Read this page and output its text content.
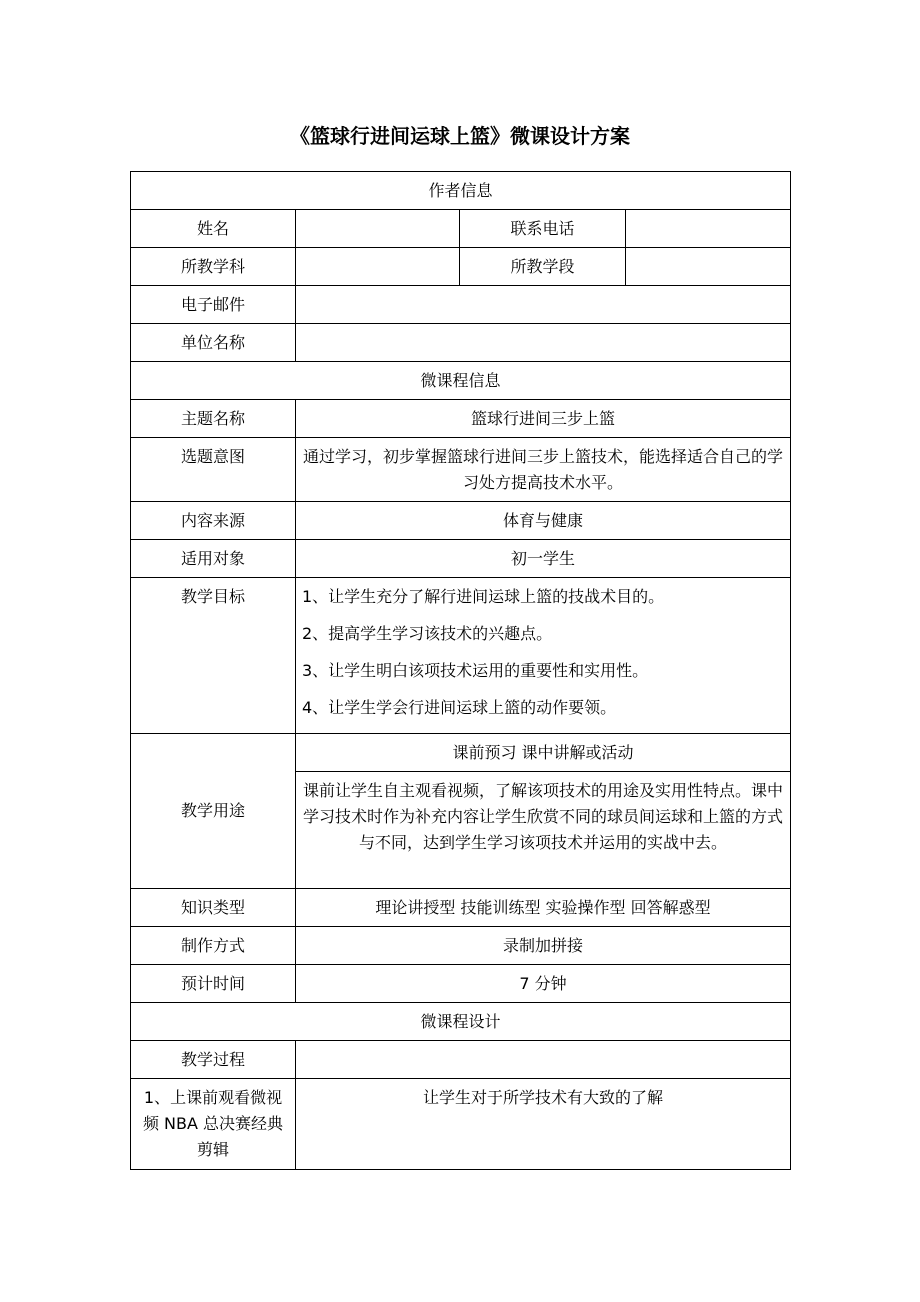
《篮球行进间运球上篮》微课设计方案
作者信息			
姓名		联系电话	
所教学科		所教学段	
电子邮件			
单位名称			
微课程信息			
主题名称	篮球行进间三步上篮		
选题意图	通过学习，初步掌握篮球行进间三步上篮技术，能选择适合自己的学习处方提高技术水平。		
内容来源	体育与健康		
适用对象	初一学生		
教学目标	1、让学生充分了解行进间运球上篮的技战术目的。

2、提高学生学习该技术的兴趣点。

3、让学生明白该项技术运用的重要性和实用性。

4、让学生学会行进间运球上篮的动作要领。		

教学用途	课前预习 课中讲解或活动		
	课前让学生自主观看视频，了解该项技术的用途及实用性特点。课中学习技术时作为补充内容让学生欣赏不同的球员间运球和上篮的方式与不同，达到学生学习该项技术并运用的实战中去。		
知识类型	理论讲授型 技能训练型 实验操作型 回答解惑型		
制作方式	录制加拼接		
预计时间	7 分钟		
微课程设计			
教学过程			
1、上课前观看微视频 NBA 总决赛经典剪辑	让学生对于所学技术有大致的了解		
